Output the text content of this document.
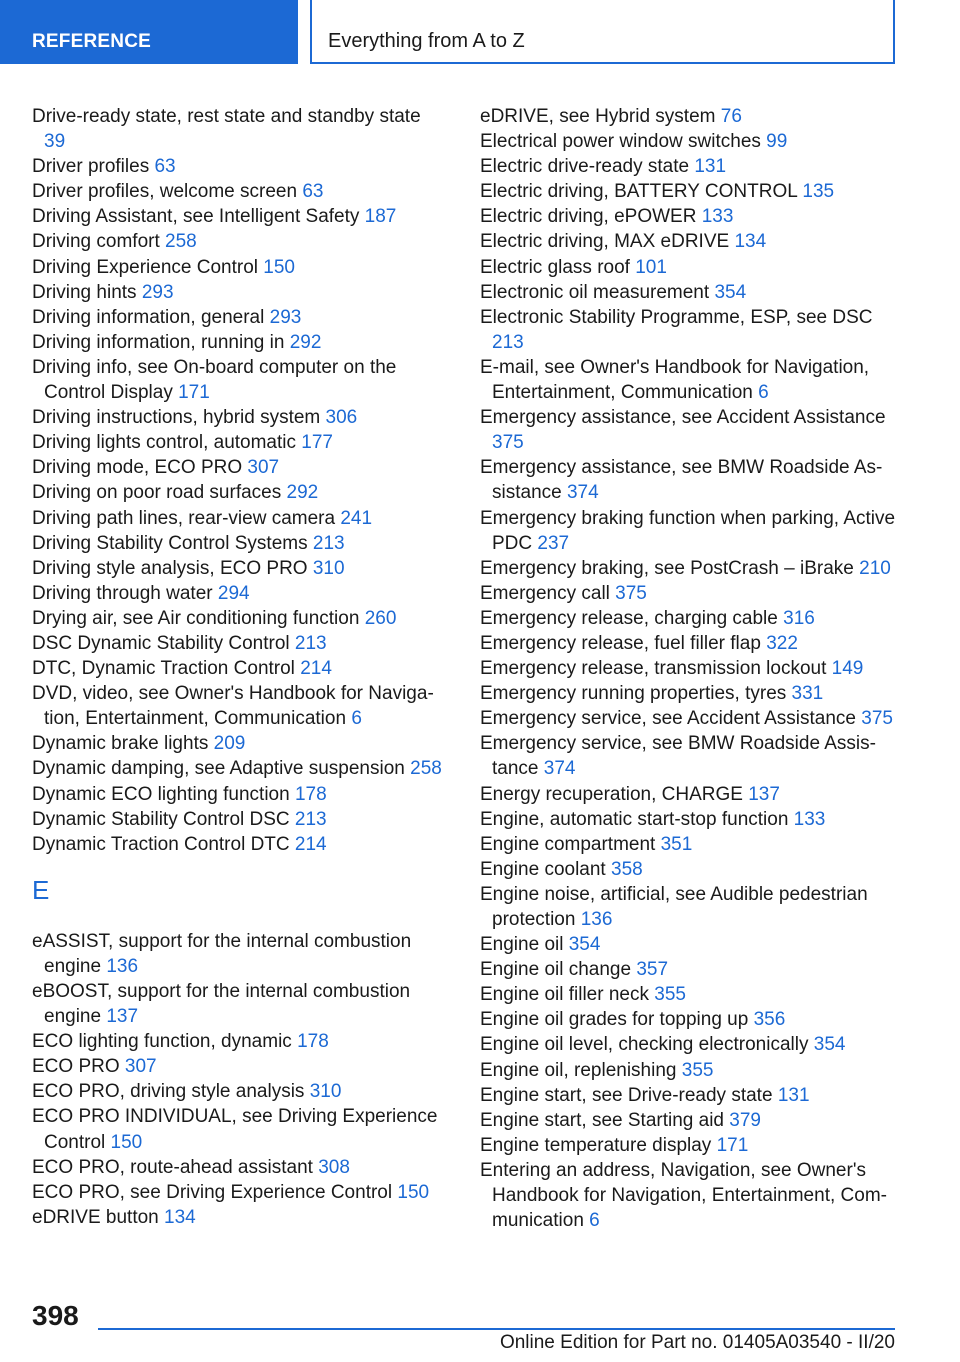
REFERENCE	Everything from A to Z
Drive-ready state, rest state and standby state 39
Driver profiles 63
Driver profiles, welcome screen 63
Driving Assistant, see Intelligent Safety 187
Driving comfort 258
Driving Experience Control 150
Driving hints 293
Driving information, general 293
Driving information, running in 292
Driving info, see On-board computer on the Control Display 171
Driving instructions, hybrid system 306
Driving lights control, automatic 177
Driving mode, ECO PRO 307
Driving on poor road surfaces 292
Driving path lines, rear-view camera 241
Driving Stability Control Systems 213
Driving style analysis, ECO PRO 310
Driving through water 294
Drying air, see Air conditioning function 260
DSC Dynamic Stability Control 213
DTC, Dynamic Traction Control 214
DVD, video, see Owner's Handbook for Navigation, Entertainment, Communication 6
Dynamic brake lights 209
Dynamic damping, see Adaptive suspension 258
Dynamic ECO lighting function 178
Dynamic Stability Control DSC 213
Dynamic Traction Control DTC 214
E
eASSIST, support for the internal combustion engine 136
eBOOST, support for the internal combustion engine 137
ECO lighting function, dynamic 178
ECO PRO 307
ECO PRO, driving style analysis 310
ECO PRO INDIVIDUAL, see Driving Experience Control 150
ECO PRO, route-ahead assistant 308
ECO PRO, see Driving Experience Control 150
eDRIVE button 134
eDRIVE, see Hybrid system 76
Electrical power window switches 99
Electric drive-ready state 131
Electric driving, BATTERY CONTROL 135
Electric driving, ePOWER 133
Electric driving, MAX eDRIVE 134
Electric glass roof 101
Electronic oil measurement 354
Electronic Stability Programme, ESP, see DSC 213
E-mail, see Owner's Handbook for Navigation, Entertainment, Communication 6
Emergency assistance, see Accident Assistance 375
Emergency assistance, see BMW Roadside Assistance 374
Emergency braking function when parking, Active PDC 237
Emergency braking, see PostCrash – iBrake 210
Emergency call 375
Emergency release, charging cable 316
Emergency release, fuel filler flap 322
Emergency release, transmission lockout 149
Emergency running properties, tyres 331
Emergency service, see Accident Assistance 375
Emergency service, see BMW Roadside Assistance 374
Energy recuperation, CHARGE 137
Engine, automatic start-stop function 133
Engine compartment 351
Engine coolant 358
Engine noise, artificial, see Audible pedestrian protection 136
Engine oil 354
Engine oil change 357
Engine oil filler neck 355
Engine oil grades for topping up 356
Engine oil level, checking electronically 354
Engine oil, replenishing 355
Engine start, see Drive-ready state 131
Engine start, see Starting aid 379
Engine temperature display 171
Entering an address, Navigation, see Owner's Handbook for Navigation, Entertainment, Communication 6
398
Online Edition for Part no. 01405A03540 - II/20
